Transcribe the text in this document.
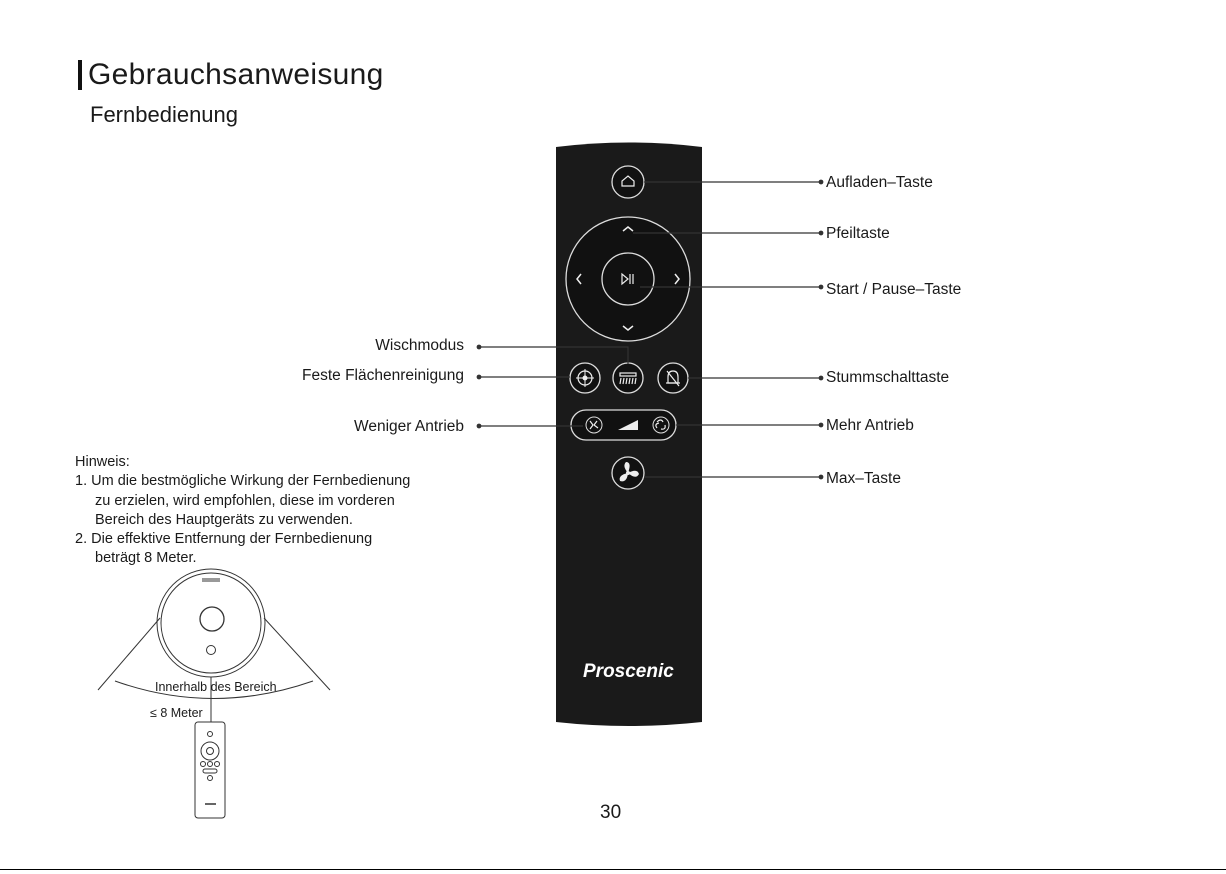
Gebrauchsanweisung
Fernbedienung
Proscenic
Aufladen–Taste
Pfeiltaste
Start / Pause–Taste
Stummschalttaste
Mehr Antrieb
Max–Taste
Wischmodus
Feste Flächenreinigung
Weniger Antrieb
Hinweis:
1. Um die bestmögliche Wirkung der Fernbedienung
zu erzielen, wird empfohlen, diese im vorderen
Bereich des Hauptgeräts zu verwenden.
2. Die effektive Entfernung der Fernbedienung
beträgt 8 Meter.
Innerhalb des Bereich
≤ 8 Meter
30
